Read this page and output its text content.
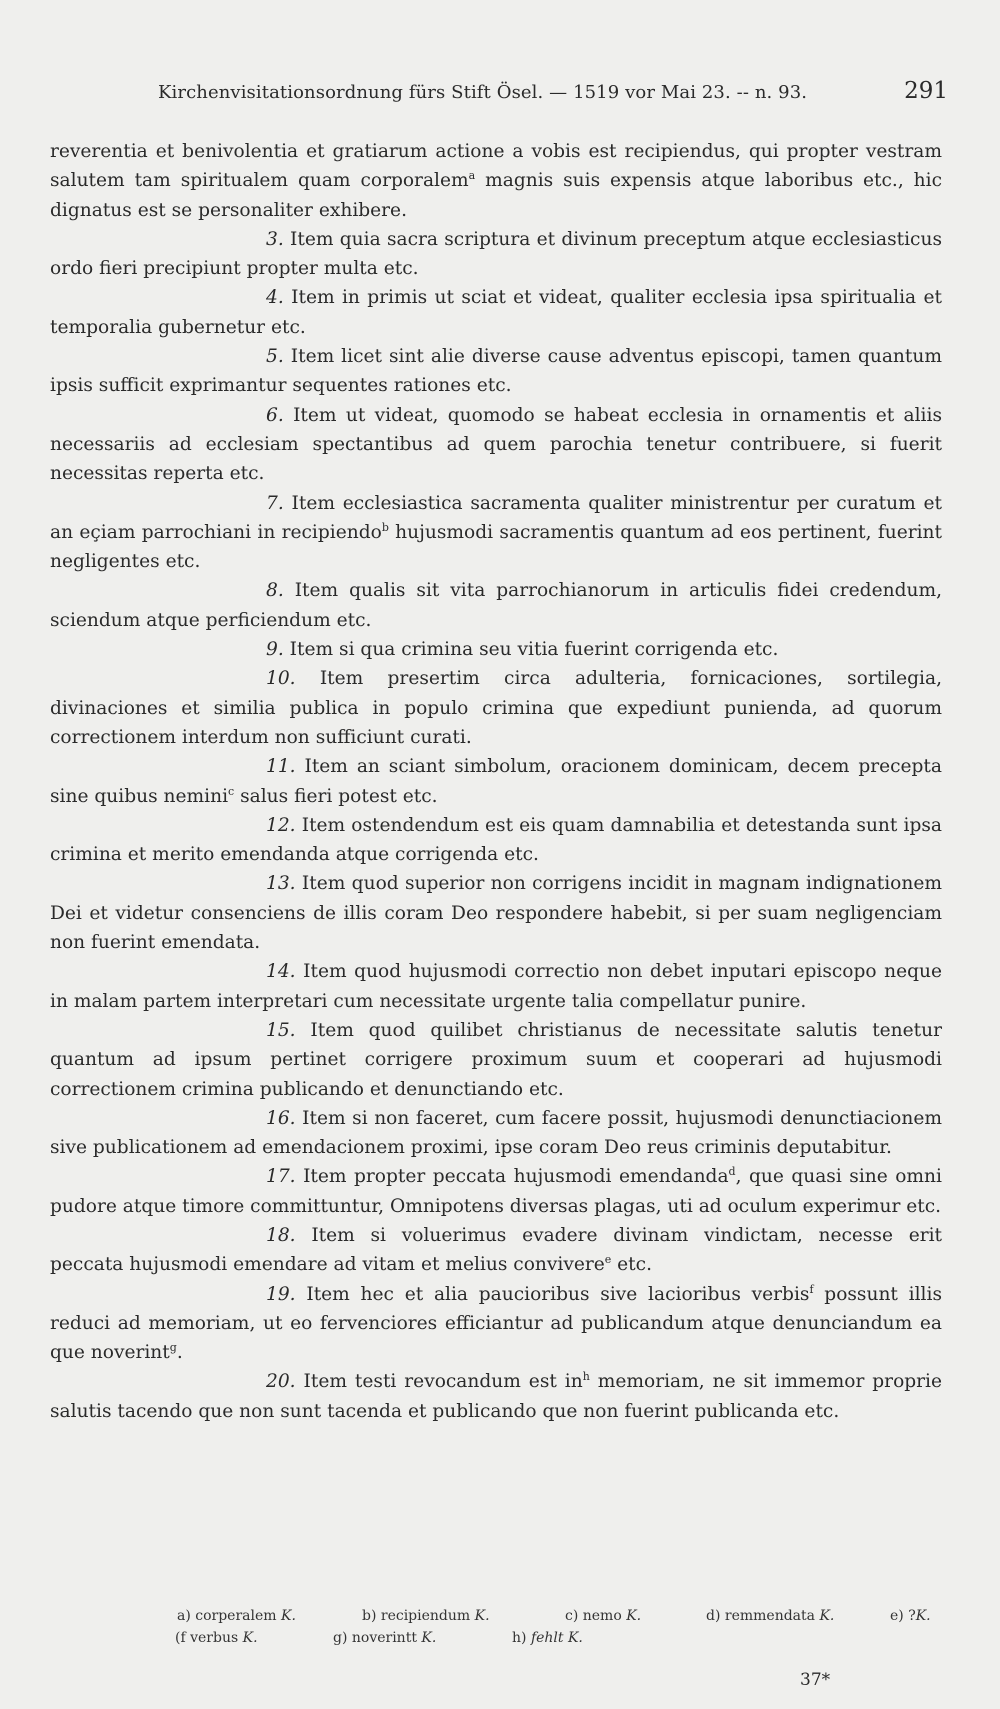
Kirchenvisitationsordnung fürs Stift Ösel. — 1519 vor Mai 23. -- n. 93.	291

reverentia et benivolentia et gratiarum actione a vobis est recipiendus, qui propter vestram salutem tam spiritualem quam corporalem$^a$ magnis suis expensis atque laboribus etc., hic dignatus est se personaliter exhibere.

3. Item quia sacra scriptura et divinum preceptum atque ecclesiasticus ordo fieri precipiunt propter multa etc.

4. Item in primis ut sciat et videat, qualiter ecclesia ipsa spiritualia et temporalia gubernetur etc.

5. Item licet sint alie diverse cause adventus episcopi, tamen quantum ipsis sufficit exprimantur sequentes rationes etc.

6. Item ut videat, quomodo se habeat ecclesia in ornamentis et aliis necessariis ad ecclesiam spectantibus ad quem parochia tenetur contribuere, si fuerit necessitas reperta etc.

7. Item ecclesiastica sacramenta qualiter ministrentur per curatum et an eçiam parrochiani in recipiendo$^b$ hujusmodi sacramentis quantum ad eos pertinent, fuerint negligentes etc.

8. Item qualis sit vita parrochianorum in articulis fidei credendum, sciendum atque perficiendum etc.

9. Item si qua crimina seu vitia fuerint corrigenda etc.

10. Item presertim circa adulteria, fornicaciones, sortilegia, divinaciones et similia publica in populo crimina que expediunt punienda, ad quorum correctionem interdum non sufficiunt curati.

11. Item an sciant simbolum, oracionem dominicam, decem precepta sine quibus nemini$^c$ salus fieri potest etc.

12. Item ostendendum est eis quam damnabilia et detestanda sunt ipsa crimina et merito emendanda atque corrigenda etc.

13. Item quod superior non corrigens incidit in magnam indignationem Dei et videtur consenciens de illis coram Deo respondere habebit, si per suam negligenciam non fuerint emendata.

14. Item quod hujusmodi correctio non debet inputari episcopo neque in malam partem interpretari cum necessitate urgente talia compellatur punire.

15. Item quod quilibet christianus de necessitate salutis tenetur quantum ad ipsum pertinet corrigere proximum suum et cooperari ad hujusmodi correctionem crimina publicando et denunctiando etc.

16. Item si non faceret, cum facere possit, hujusmodi denunctiacionem sive publicationem ad emendacionem proximi, ipse coram Deo reus criminis deputabitur.

17. Item propter peccata hujusmodi emendanda$^d$, que quasi sine omni pudore atque timore committuntur, Omnipotens diversas plagas, uti ad oculum experimur etc.

18. Item si voluerimus evadere divinam vindictam, necesse erit peccata hujusmodi emendare ad vitam et melius convivere$^e$ etc.

19. Item hec et alia paucioribus sive lacioribus verbis$^f$ possunt illis reduci ad memoriam, ut eo fervenciores efficiantur ad publicandum atque denunciandum ea que noverint$^g$.

20. Item testi revocandum est $in^h$ memoriam, ne sit immemor proprie salutis tacendo que non sunt tacenda et publicando que non fuerint publicanda etc.

a) corperalem K.	b) recipiendum K.	c) nemo K.	d) remmendata K.	e) ?K.
(f verbus K.	g) noverintt K.	h) fehlt K.
37*
